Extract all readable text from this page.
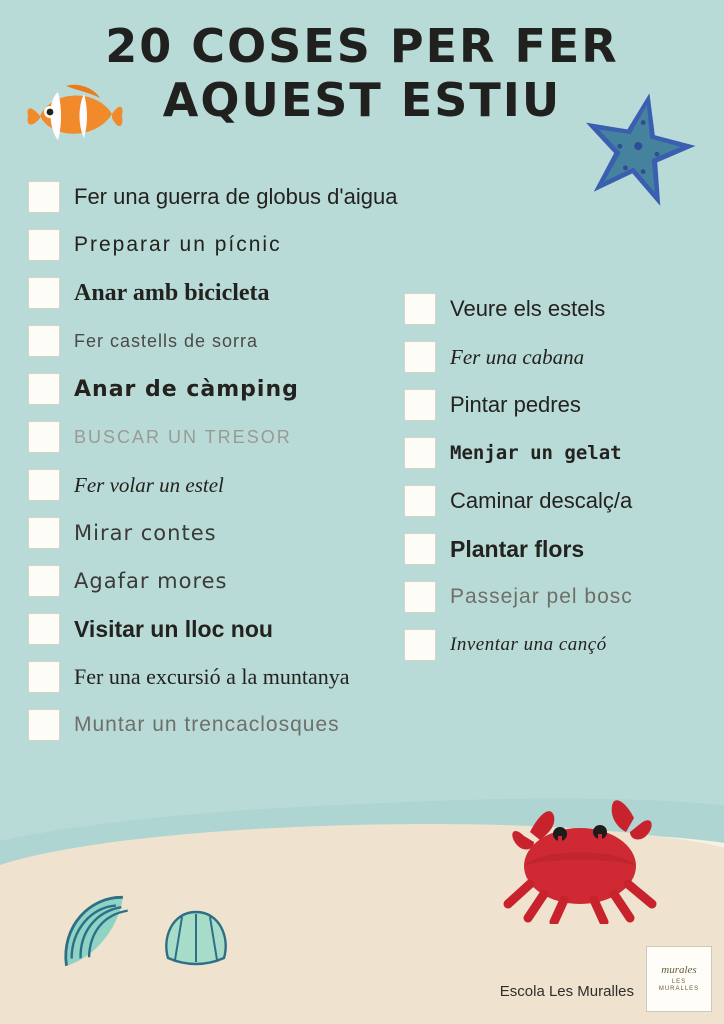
20 COSES PER FER
AQUEST ESTIU
Fer una guerra de globus d'aigua
Preparar un pícnic
Anar amb bicicleta
Fer castells de sorra
Anar de càmping
BUSCAR UN TRESOR
Fer volar un estel
Mirar contes
Agafar mores
Visitar un lloc nou
Fer una excursió a la muntanya
Muntar un trencaclosques
Veure els estels
Fer una cabana
Pintar pedres
Menjar un gelat
Caminar descalç/a
Plantar flors
Passejar pel bosc
Inventar una cançó
Escola Les Muralles
murales
LES
MURALLES
